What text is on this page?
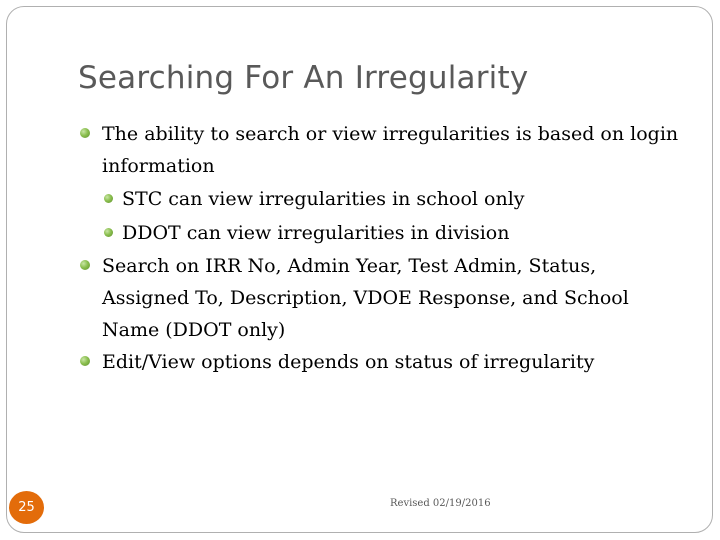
Searching For An Irregularity
The ability to search or view irregularities is based on login information
STC can view irregularities in school only
DDOT can view irregularities in division
Search on IRR No, Admin Year, Test Admin, Status, Assigned To, Description, VDOE Response, and School Name (DDOT only)
Edit/View options depends on status of irregularity
25	Revised 02/19/2016
